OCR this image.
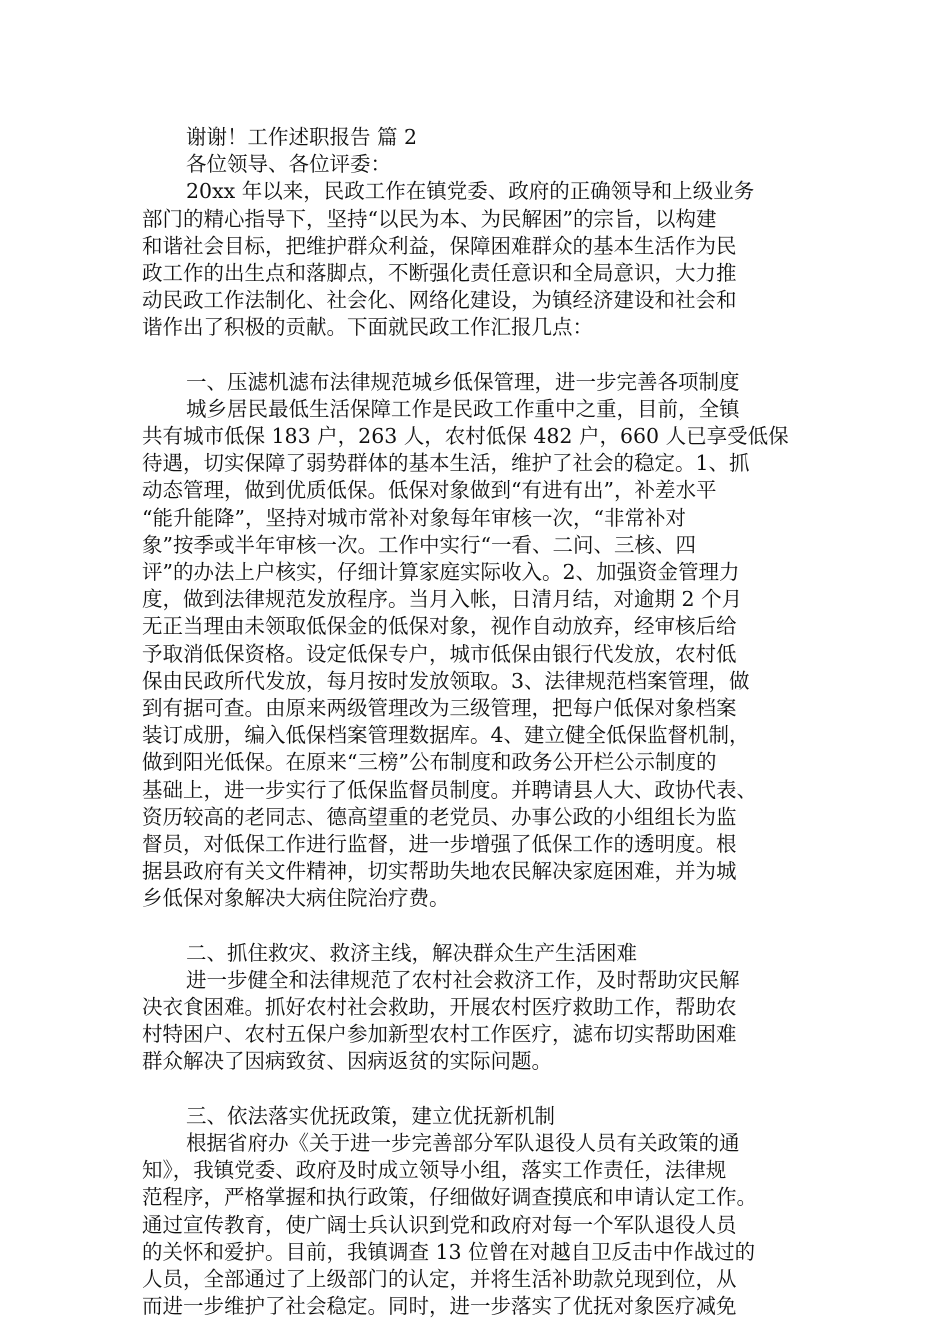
谢谢！工作述职报告 篇 2
各位领导、各位评委：
20xx 年以来，民政工作在镇党委、政府的正确领导和上级业务
部门的精心指导下，坚持“以民为本、为民解困”的宗旨，以构建
和谐社会目标，把维护群众利益，保障困难群众的基本生活作为民
政工作的出生点和落脚点，不断强化责任意识和全局意识，大力推
动民政工作法制化、社会化、网络化建设，为镇经济建设和社会和
谐作出了积极的贡献。下面就民政工作汇报几点：
一、压滤机滤布法律规范城乡低保管理，进一步完善各项制度
城乡居民最低生活保障工作是民政工作重中之重，目前，全镇
共有城市低保 183 户，263 人，农村低保 482 户，660 人已享受低保
待遇，切实保障了弱势群体的基本生活，维护了社会的稳定。1、抓
动态管理，做到优质低保。低保对象做到“有进有出”，补差水平
“能升能降”，坚持对城市常补对象每年审核一次，“非常补对
象”按季或半年审核一次。工作中实行“一看、二问、三核、四
评”的办法上户核实，仔细计算家庭实际收入。2、加强资金管理力
度，做到法律规范发放程序。当月入帐，日清月结，对逾期 2 个月
无正当理由未领取低保金的低保对象，视作自动放弃，经审核后给
予取消低保资格。设定低保专户，城市低保由银行代发放，农村低
保由民政所代发放，每月按时发放领取。3、法律规范档案管理，做
到有据可查。由原来两级管理改为三级管理，把每户低保对象档案
装订成册，编入低保档案管理数据库。4、建立健全低保监督机制，
做到阳光低保。在原来“三榜”公布制度和政务公开栏公示制度的
基础上，进一步实行了低保监督员制度。并聘请县人大、政协代表、
资历较高的老同志、德高望重的老党员、办事公政的小组组长为监
督员，对低保工作进行监督，进一步增强了低保工作的透明度。根
据县政府有关文件精神，切实帮助失地农民解决家庭困难，并为城
乡低保对象解决大病住院治疗费。
二、抓住救灾、救济主线，解决群众生产生活困难
进一步健全和法律规范了农村社会救济工作，及时帮助灾民解
决衣食困难。抓好农村社会救助，开展农村医疗救助工作，帮助农
村特困户、农村五保户参加新型农村工作医疗，滤布切实帮助困难
群众解决了因病致贫、因病返贫的实际问题。
三、依法落实优抚政策，建立优抚新机制
根据省府办《关于进一步完善部分军队退役人员有关政策的通
知》，我镇党委、政府及时成立领导小组，落实工作责任，法律规
范程序，严格掌握和执行政策，仔细做好调查摸底和申请认定工作。
通过宣传教育，使广阔士兵认识到党和政府对每一个军队退役人员
的关怀和爱护。目前，我镇调查 13 位曾在对越自卫反击中作战过的
人员，全部通过了上级部门的认定，并将生活补助款兑现到位，从
而进一步维护了社会稳定。同时，进一步落实了优抚对象医疗减免
